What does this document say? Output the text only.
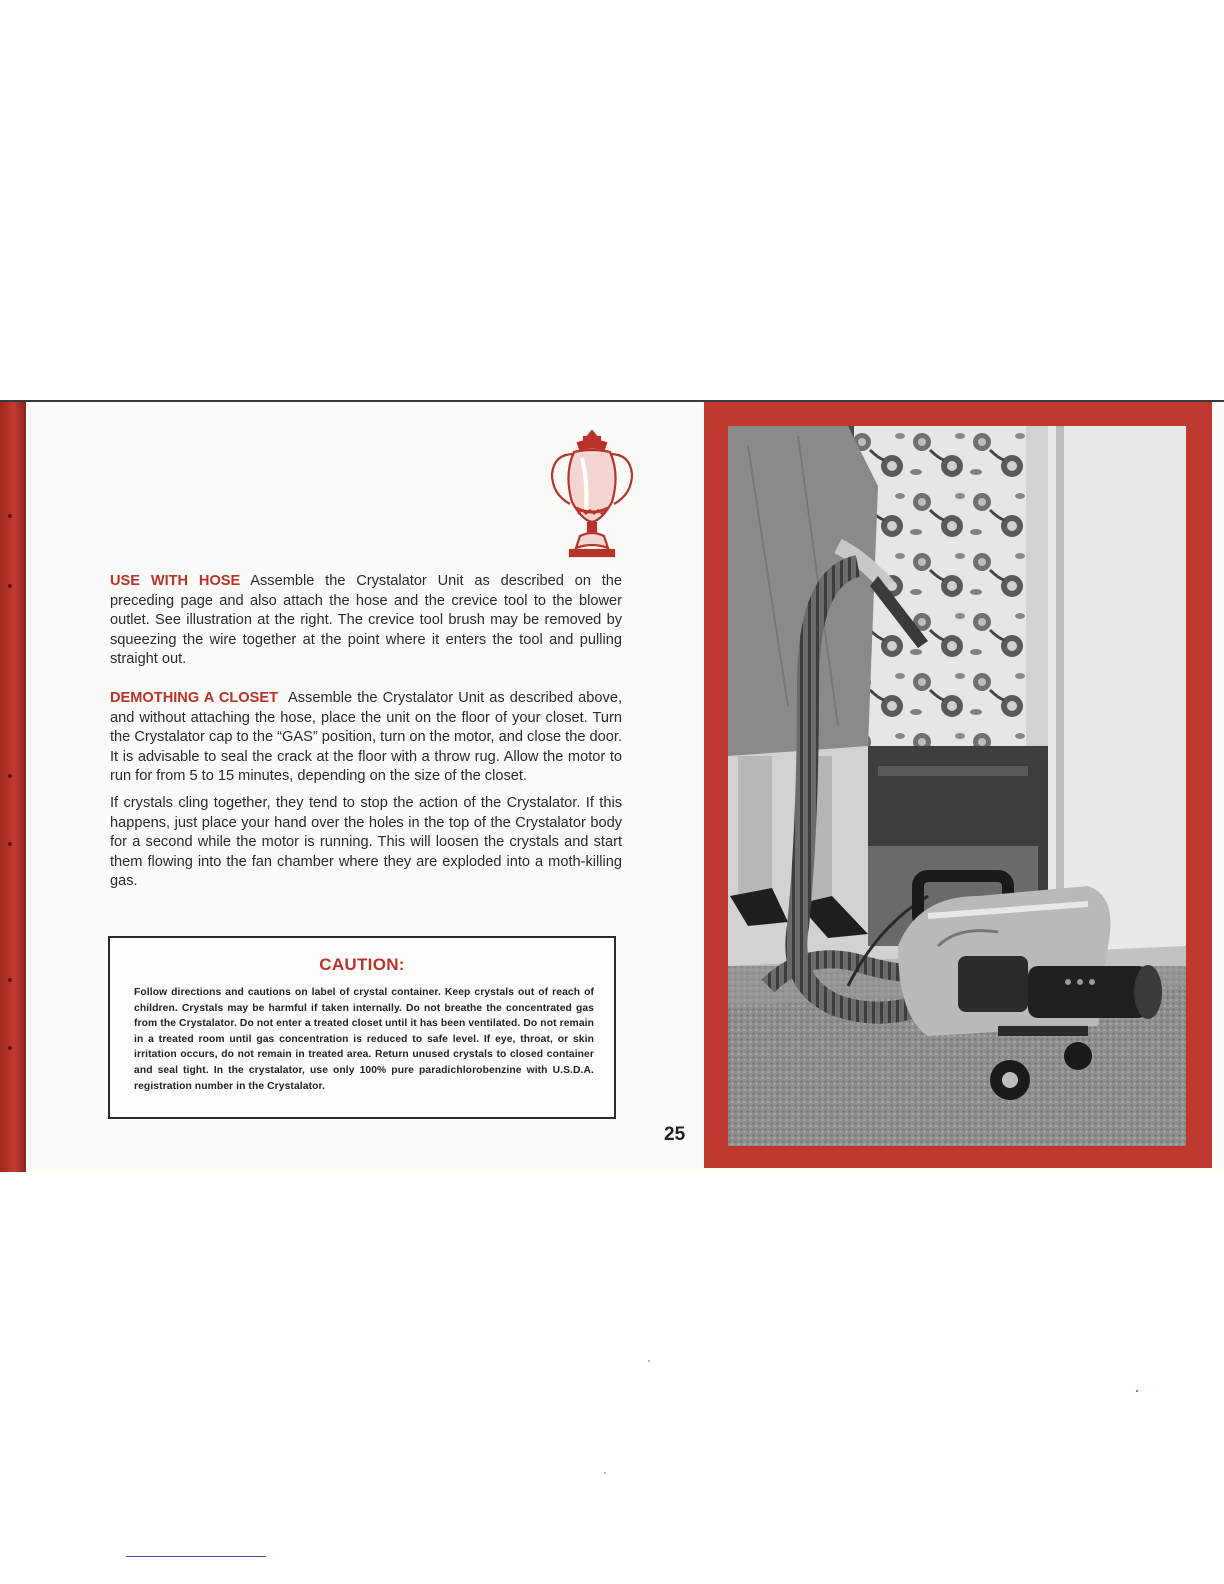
USE WITH HOSE Assemble the Crystalator Unit as described on the preceding page and also attach the hose and the crevice tool to the blower outlet. See illustration at the right. The crevice tool brush may be removed by squeezing the wire together at the point where it enters the tool and pulling straight out.

DEMOTHING A CLOSET Assemble the Crystalator Unit as described above, and without attaching the hose, place the unit on the floor of your closet. Turn the Crystalator cap to the “GAS” position, turn on the motor, and close the door. It is advisable to seal the crack at the floor with a throw rug. Allow the motor to run for from 5 to 15 minutes, depending on the size of the closet.

If crystals cling together, they tend to stop the action of the Crystalator. If this happens, just place your hand over the holes in the top of the Crystalator body for a second while the motor is running. This will loosen the crystals and start them flowing into the fan chamber where they are exploded into a moth-killing gas.

CAUTION:
Follow directions and cautions on label of crystal container. Keep crystals out of reach of children. Crystals may be harmful if taken internally. Do not breathe the concentrated gas from the Crystalator. Do not enter a treated closet until it has been ventilated. Do not remain in a treated room until gas concentration is reduced to safe level. If eye, throat, or skin irritation occurs, do not remain in treated area. Return unused crystals to closed container and seal tight. In the crystalator, use only 100% pure paradichlorobenzine with U.S.D.A. registration number in the Crystalator.
25
